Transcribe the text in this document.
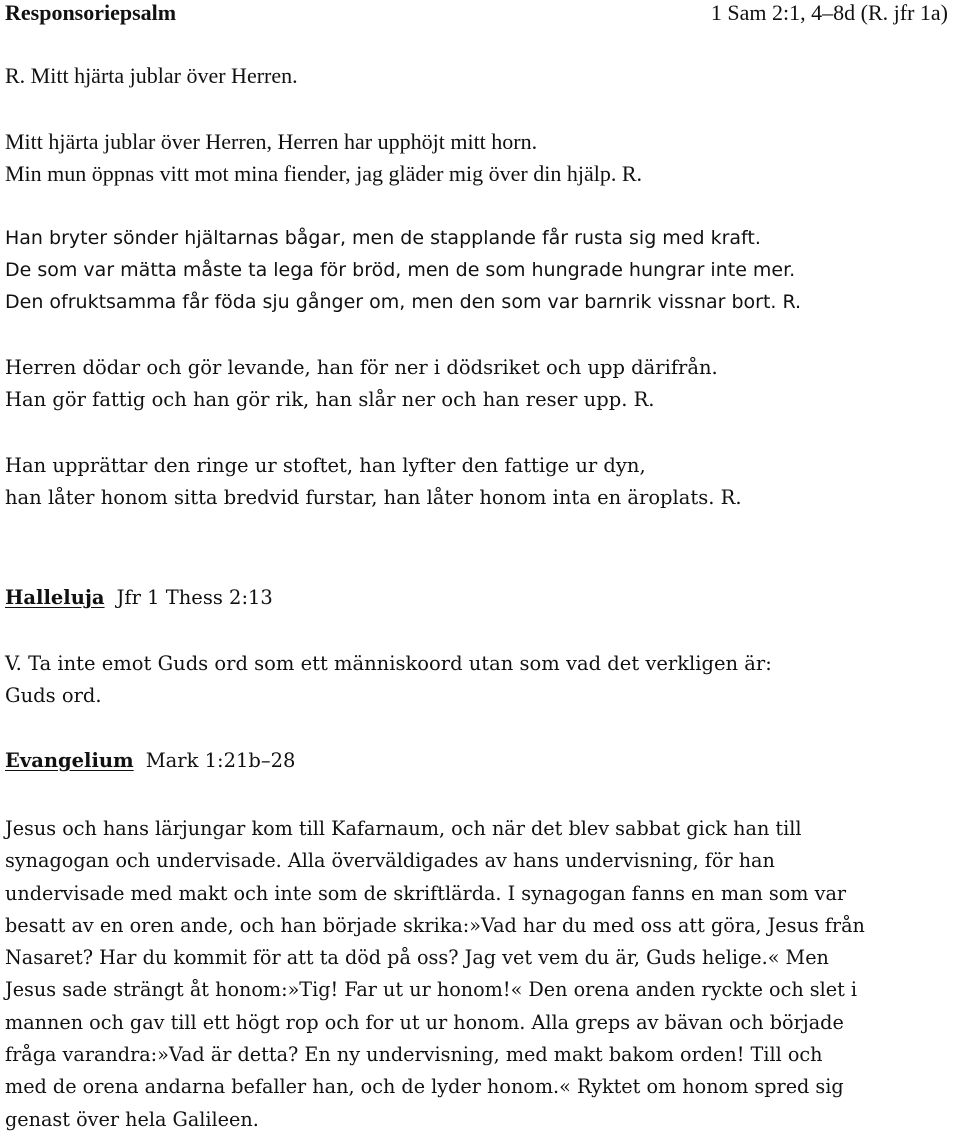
Responsoriepsalm	1 Sam 2:1, 4–8d (R. jfr 1a)
R. Mitt hjärta jublar över Herren.
Mitt hjärta jublar över Herren, Herren har upphöjt mitt horn.
Min mun öppnas vitt mot mina fiender, jag gläder mig över din hjälp. R.
Han bryter sönder hjältarnas bågar, men de stapplande får rusta sig med kraft.
De som var mätta måste ta lega för bröd, men de som hungrade hungrar inte mer.
Den ofruktsamma får föda sju gånger om, men den som var barnrik vissnar bort. R.
Herren dödar och gör levande, han för ner i dödsriket och upp därifrån.
Han gör fattig och han gör rik, han slår ner och han reser upp. R.
Han upprättar den ringe ur stoftet, han lyfter den fattige ur dyn,
han låter honom sitta bredvid furstar, han låter honom inta en äroplats. R.
Halleluja Jfr 1 Thess 2:13
V. Ta inte emot Guds ord som ett människoord utan som vad det verkligen är:
Guds ord.
Evangelium Mark 1:21b–28
Jesus och hans lärjungar kom till Kafarnaum, och när det blev sabbat gick han till
synagogan och undervisade. Alla överväldigades av hans undervisning, för han
undervisade med makt och inte som de skriftlärda. I synagogan fanns en man som var
besatt av en oren ande, och han började skrika:»Vad har du med oss att göra, Jesus från
Nasaret? Har du kommit för att ta död på oss? Jag vet vem du är, Guds helige.« Men
Jesus sade strängt åt honom:»Tig! Far ut ur honom!« Den orena anden ryckte och slet i
mannen och gav till ett högt rop och for ut ur honom. Alla greps av bävan och började
fråga varandra:»Vad är detta? En ny undervisning, med makt bakom orden! Till och
med de orena andarna befaller han, och de lyder honom.« Ryktet om honom spred sig
genast över hela Galileen.
